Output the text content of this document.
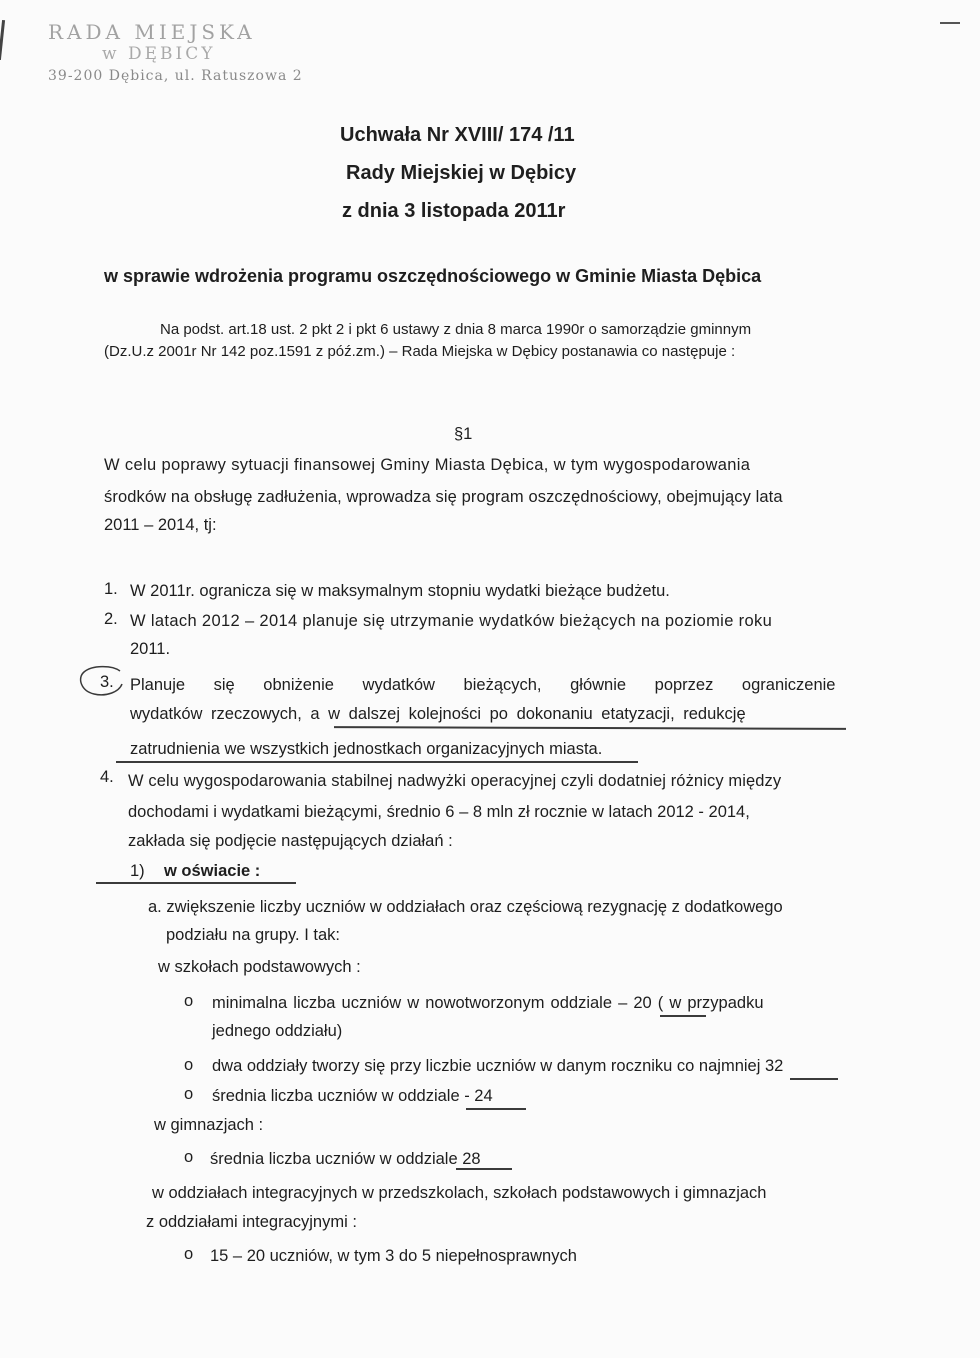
RADA MIEJSKA
w DĘBICY
39-200 Dębica, ul. Ratuszowa 2
Uchwała Nr XVIII/ 174 /11
Rady Miejskiej w Dębicy
z dnia 3 listopada 2011r
w sprawie wdrożenia programu oszczędnościowego w Gminie Miasta Dębica
Na podst. art.18 ust. 2 pkt 2 i pkt 6 ustawy z dnia 8 marca 1990r o samorządzie gminnym
(Dz.U.z 2001r Nr 142 poz.1591 z póź.zm.) – Rada Miejska w Dębicy postanawia co następuje :
§1
W celu poprawy sytuacji finansowej Gminy Miasta Dębica, w tym wygospodarowania
środków na obsługę zadłużenia, wprowadza się program oszczędnościowy, obejmujący lata
2011 – 2014, tj:
1. W 2011r. ogranicza się w maksymalnym stopniu wydatki bieżące budżetu.
2. W latach 2012 – 2014 planuje się utrzymanie wydatków bieżących na poziomie roku
2011.
3. Planuje się obniżenie wydatków bieżących, głównie poprzez ograniczenie
wydatków rzeczowych, a w dalszej kolejności po dokonaniu etatyzacji, redukcję
zatrudnienia we wszystkich jednostkach organizacyjnych miasta.
4. W celu wygospodarowania stabilnej nadwyżki operacyjnej czyli dodatniej różnicy między
dochodami i wydatkami bieżącymi, średnio 6 – 8 mln zł rocznie w latach 2012 - 2014,
zakłada się podjęcie następujących działań :
1) w oświacie :
a. zwiększenie liczby uczniów w oddziałach oraz częściową rezygnację z dodatkowego
podziału na grupy. I tak:
w szkołach podstawowych :
o minimalna liczba uczniów w nowotworzonym oddziale – 20 ( w przypadku
jednego oddziału)
o dwa oddziały tworzy się przy liczbie uczniów w danym roczniku co najmniej 32
o średnia liczba uczniów w oddziale - 24
w gimnazjach :
o średnia liczba uczniów w oddziale 28
w oddziałach integracyjnych w przedszkolach, szkołach podstawowych i gimnazjach
z oddziałami integracyjnymi :
o 15 – 20 uczniów, w tym 3 do 5 niepełnosprawnych
